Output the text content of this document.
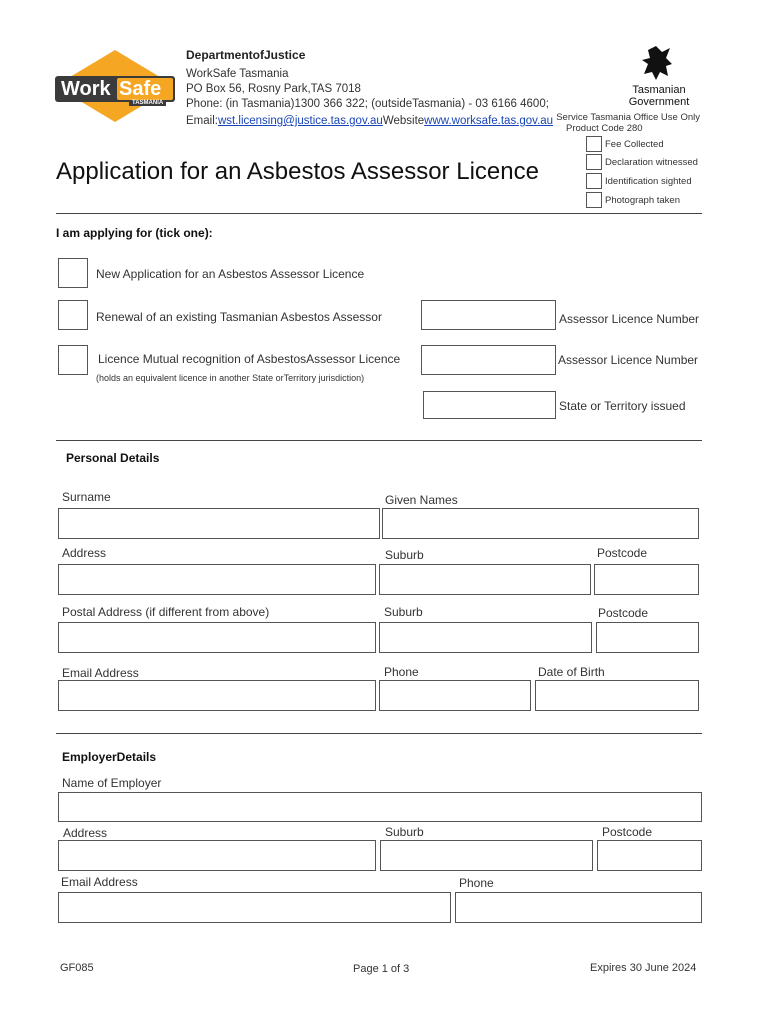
Work Safe
TASMANIA
DepartmentofJustice
WorkSafe Tasmania
PO Box 56, Rosny Park,TAS 7018
Phone: (in Tasmania)1300 366 322; (outsideTasmania) - 03 6166 4600;
Email:wst.licensing@justice.tas.gov.auWebsitewww.worksafe.tas.gov.au
Tasmanian
Government
Service Tasmania Office Use Only
Product Code 280
Fee Collected
Declaration witnessed
Identification sighted
Photograph taken
Application for an Asbestos Assessor Licence
I am applying for (tick one):
New Application for an Asbestos Assessor Licence
Renewal of an existing Tasmanian Asbestos Assessor	Assessor Licence Number
Licence Mutual recognition of AsbestosAssessor Licence
(holds an equivalent licence in another State orTerritory jurisdiction)
Assessor Licence Number
State or Territory issued
Personal Details
Surname	Given Names
Address	Suburb	Postcode
Postal Address (if different from above)	Suburb	Postcode
Email Address	Phone	Date of Birth
EmployerDetails
Name of Employer
Address	Suburb	Postcode
Email Address	Phone
GF085	Page 1 of 3	Expires 30 June 2024
